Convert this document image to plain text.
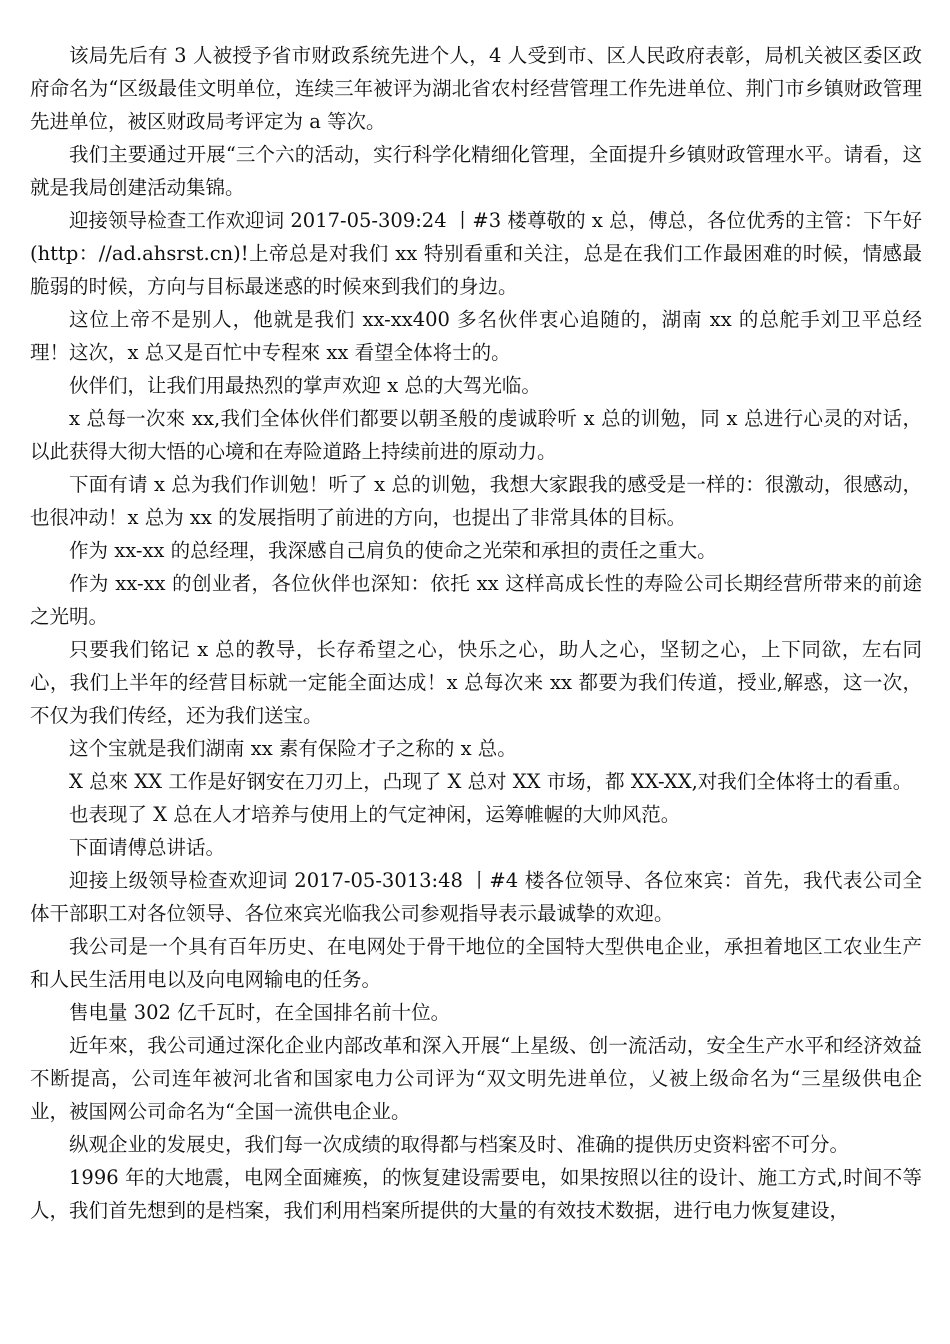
该局先后有 3 人被授予省市财政系统先进个人，4 人受到市、区人民政府表彰，局机关被区委区政府命名为“区级最佳文明单位，连续三年被评为湖北省农村经营管理工作先进单位、荆门市乡镇财政管理先进单位，被区财政局考评定为 a 等次。

我们主要通过开展“三个六的活动，实行科学化精细化管理，全面提升乡镇财政管理水平。请看，这就是我局创建活动集锦。

迎接领导检查工作欢迎词 2017-05-309:24 丨#3 楼尊敬的 x 总，傅总，各位优秀的主管：下午好(http：//ad.ahsrst.cn)!上帝总是对我们 xx 特别看重和关注，总是在我们工作最困难的时候，情感最脆弱的时候，方向与目标最迷惑的时候來到我们的身边。

这位上帝不是别人，他就是我们 xx-xx400 多名伙伴衷心追随的，湖南 xx 的总舵手刘卫平总经理！这次，x 总又是百忙中专程來 xx 看望全体将士的。

伙伴们，让我们用最热烈的掌声欢迎 x 总的大驾光临。

x 总每一次來 xx,我们全体伙伴们都要以朝圣般的虔诚聆听 x 总的训勉，同 x 总进行心灵的对话，以此获得大彻大悟的心境和在寿险道路上持续前进的原动力。

下面有请 x 总为我们作训勉！听了 x 总的训勉，我想大家跟我的感受是一样的：很激动，很感动，也很冲动！x 总为 xx 的发展指明了前进的方向，也提出了非常具体的目标。

作为 xx-xx 的总经理，我深感自己肩负的使命之光荣和承担的责任之重大。

作为 xx-xx 的创业者，各位伙伴也深知：依托 xx 这样高成长性的寿险公司长期经营所带来的前途之光明。

只要我们铭记 x 总的教导，长存希望之心，快乐之心，助人之心，坚韧之心，上下同欲，左右同心，我们上半年的经营目标就一定能全面达成！x 总每次来 xx 都要为我们传道，授业,解惑，这一次，不仅为我们传经，还为我们送宝。

这个宝就是我们湖南 xx 素有保险才子之称的 x 总。

X 总來 XX 工作是好钢安在刀刃上，凸现了 X 总对 XX 市场，都 XX-XX,对我们全体将士的看重。

也表现了 X 总在人才培养与使用上的气定神闲，运筹帷幄的大帅风范。

下面请傅总讲话。

迎接上级领导检查欢迎词 2017-05-3013:48 丨#4 楼各位领导、各位來宾：首先，我代表公司全体干部职工对各位领导、各位來宾光临我公司参观指导表示最诚挚的欢迎。

我公司是一个具有百年历史、在电网处于骨干地位的全国特大型供电企业，承担着地区工农业生产和人民生活用电以及向电网输电的任务。

售电量 302 亿千瓦时，在全国排名前十位。

近年來，我公司通过深化企业内部改革和深入开展“上星级、创一流活动，安全生产水平和经济效益不断提高，公司连年被河北省和国家电力公司评为“双文明先进单位，乂被上级命名为“三星级供电企业，被国网公司命名为“全国一流供电企业。

纵观企业的发展史，我们每一次成绩的取得都与档案及时、准确的提供历史资料密不可分。

1996 年的大地震，电网全面瘫痪，的恢复建设需要电，如果按照以往的设计、施工方式,时间不等人，我们首先想到的是档案，我们利用档案所提供的大量的有效技术数据，进行电力恢复建设，
